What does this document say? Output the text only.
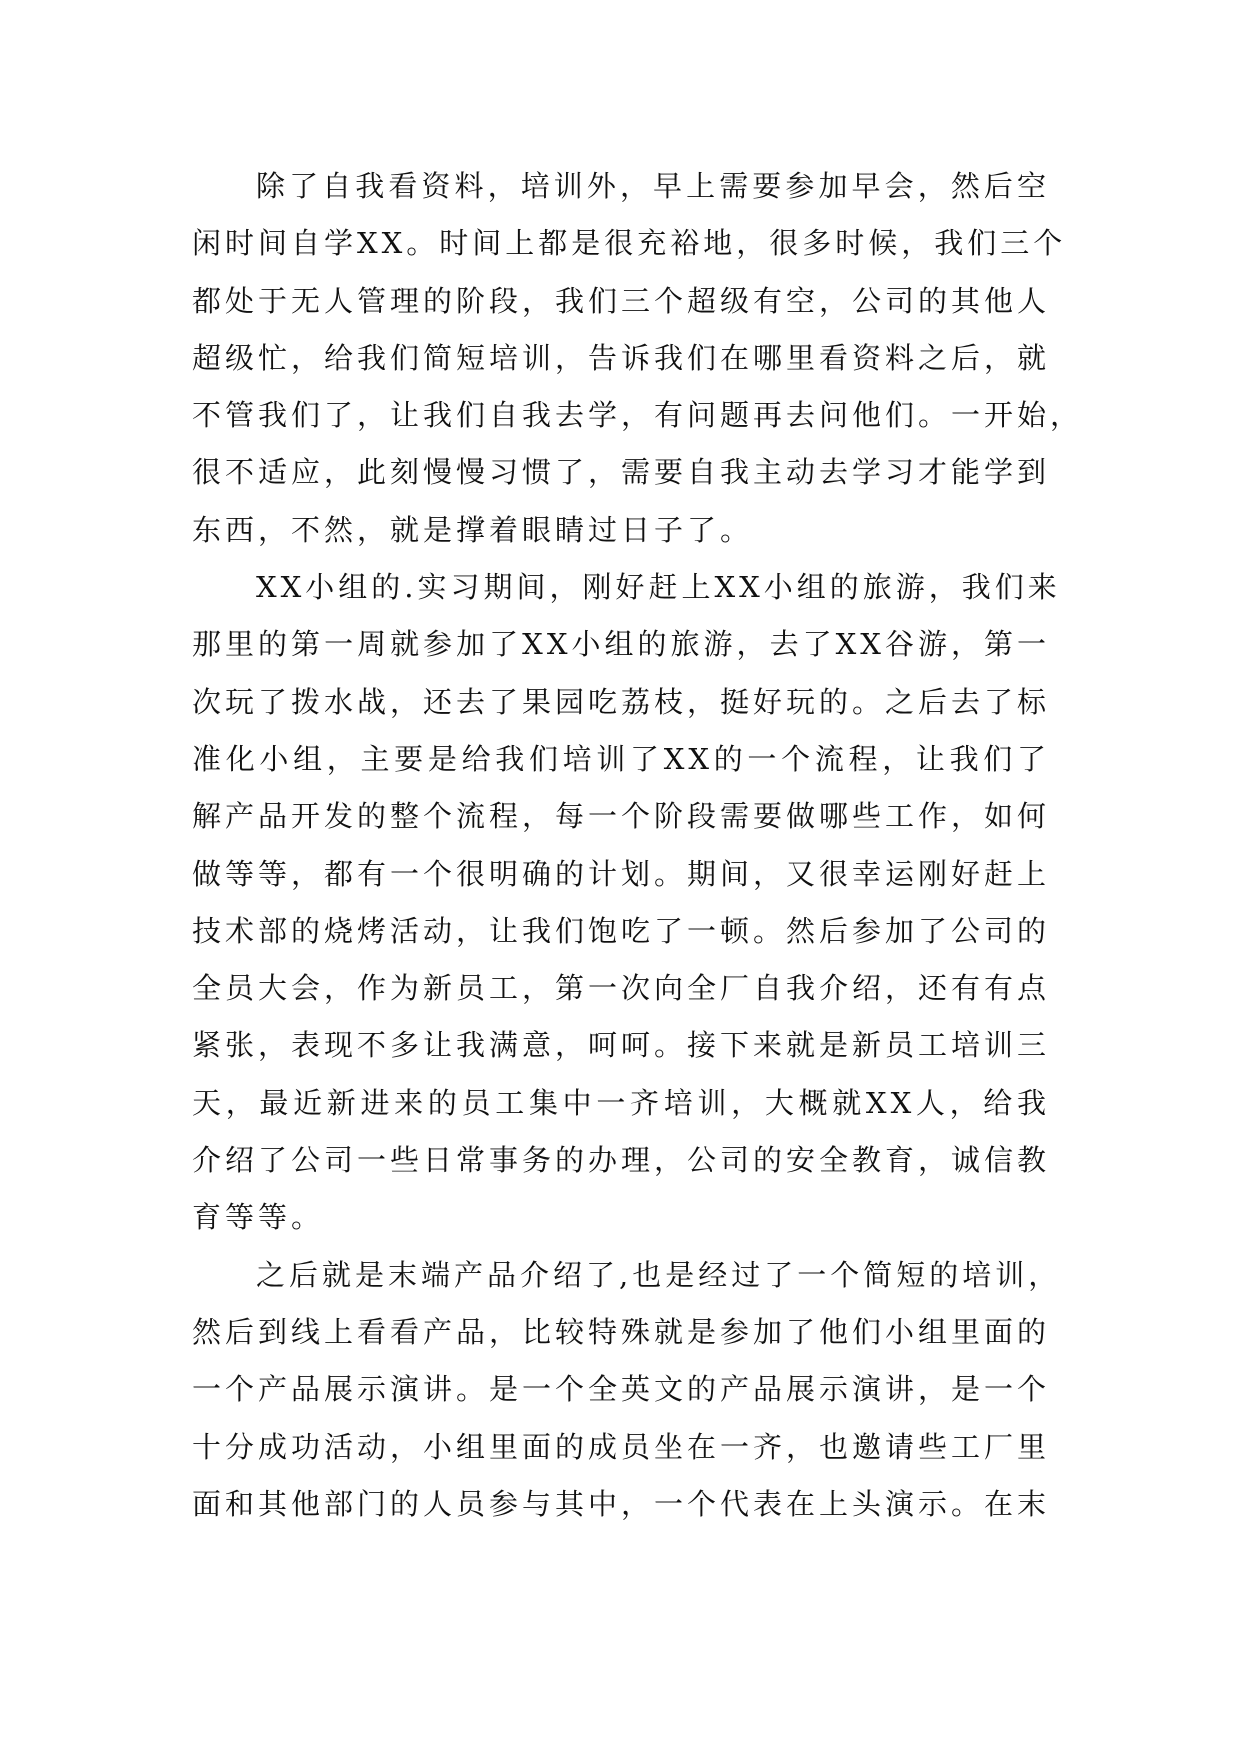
除了自我看资料，培训外，早上需要参加早会，然后空
闲时间自学XX。时间上都是很充裕地，很多时候，我们三个
都处于无人管理的阶段，我们三个超级有空，公司的其他人
超级忙，给我们简短培训，告诉我们在哪里看资料之后，就
不管我们了，让我们自我去学，有问题再去问他们。一开始，
很不适应，此刻慢慢习惯了，需要自我主动去学习才能学到
东西，不然，就是撑着眼睛过日子了。
XX小组的.实习期间，刚好赶上XX小组的旅游，我们来
那里的第一周就参加了XX小组的旅游，去了XX谷游，第一
次玩了拨水战，还去了果园吃荔枝，挺好玩的。之后去了标
准化小组，主要是给我们培训了XX的一个流程，让我们了
解产品开发的整个流程，每一个阶段需要做哪些工作，如何
做等等，都有一个很明确的计划。期间，又很幸运刚好赶上
技术部的烧烤活动，让我们饱吃了一顿。然后参加了公司的
全员大会，作为新员工，第一次向全厂自我介绍，还有有点
紧张，表现不多让我满意，呵呵。接下来就是新员工培训三
天，最近新进来的员工集中一齐培训，大概就XX人，给我
介绍了公司一些日常事务的办理，公司的安全教育，诚信教
育等等。
之后就是末端产品介绍了,也是经过了一个简短的培训，
然后到线上看看产品，比较特殊就是参加了他们小组里面的
一个产品展示演讲。是一个全英文的产品展示演讲，是一个
十分成功活动，小组里面的成员坐在一齐，也邀请些工厂里
面和其他部门的人员参与其中，一个代表在上头演示。在末
